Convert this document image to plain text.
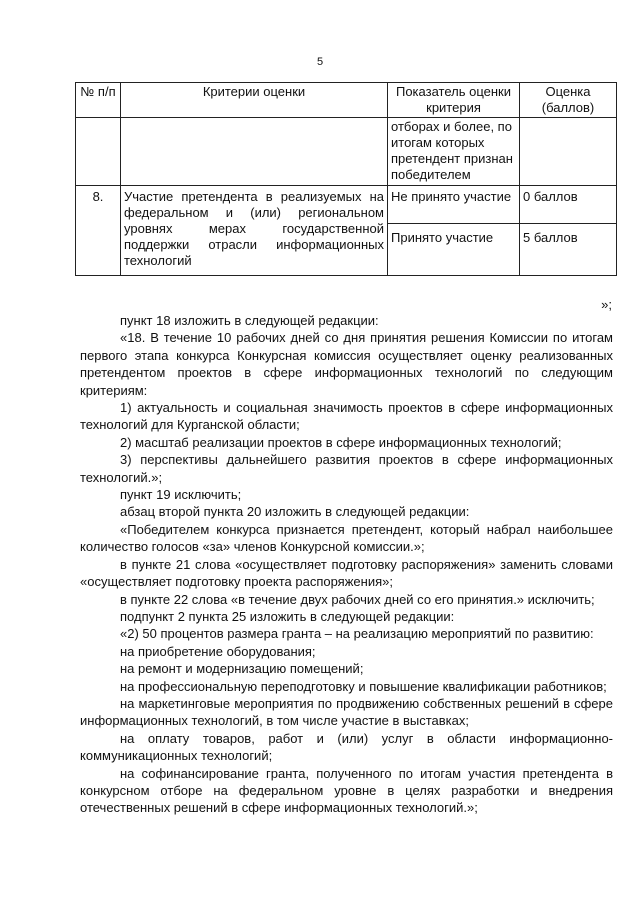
5
№ п/п	Критерии оценки	Показатель оценки критерия	Оценка (баллов)
		отборах и более, по итогам которых претендент признан победителем	
8.	Участие претендента в реализуемых на федеральном и (или) региональном уровнях мерах государственной поддержки отрасли информационных технологий	Не принято участие	0 баллов
		Принято участие	5 баллов
»;

пункт 18 изложить в следующей редакции:

«18. В течение 10 рабочих дней со дня принятия решения Комиссии по итогам первого этапа конкурса Конкурсная комиссия осуществляет оценку реализованных претендентом проектов в сфере информационных технологий по следующим критериям:

1) актуальность и социальная значимость проектов в сфере информационных технологий для Курганской области;

2) масштаб реализации проектов в сфере информационных технологий;

3) перспективы дальнейшего развития проектов в сфере информационных технологий.»;

пункт 19 исключить;

абзац второй пункта 20 изложить в следующей редакции:

«Победителем конкурса признается претендент, который набрал наибольшее количество голосов «за» членов Конкурсной комиссии.»;

в пункте 21 слова «осуществляет подготовку распоряжения» заменить словами «осуществляет подготовку проекта распоряжения»;

в пункте 22 слова «в течение двух рабочих дней со его принятия.» исключить;

подпункт 2 пункта 25 изложить в следующей редакции:

«2) 50 процентов размера гранта – на реализацию мероприятий по развитию:

на приобретение оборудования;

на ремонт и модернизацию помещений;

на профессиональную переподготовку и повышение квалификации работников;

на маркетинговые мероприятия по продвижению собственных решений в сфере информационных технологий, в том числе участие в выставках;

на оплату товаров, работ и (или) услуг в области информационно-коммуникационных технологий;

на софинансирование гранта, полученного по итогам участия претендента в конкурсном отборе на федеральном уровне в целях разработки и внедрения отечественных решений в сфере информационных технологий.»;
